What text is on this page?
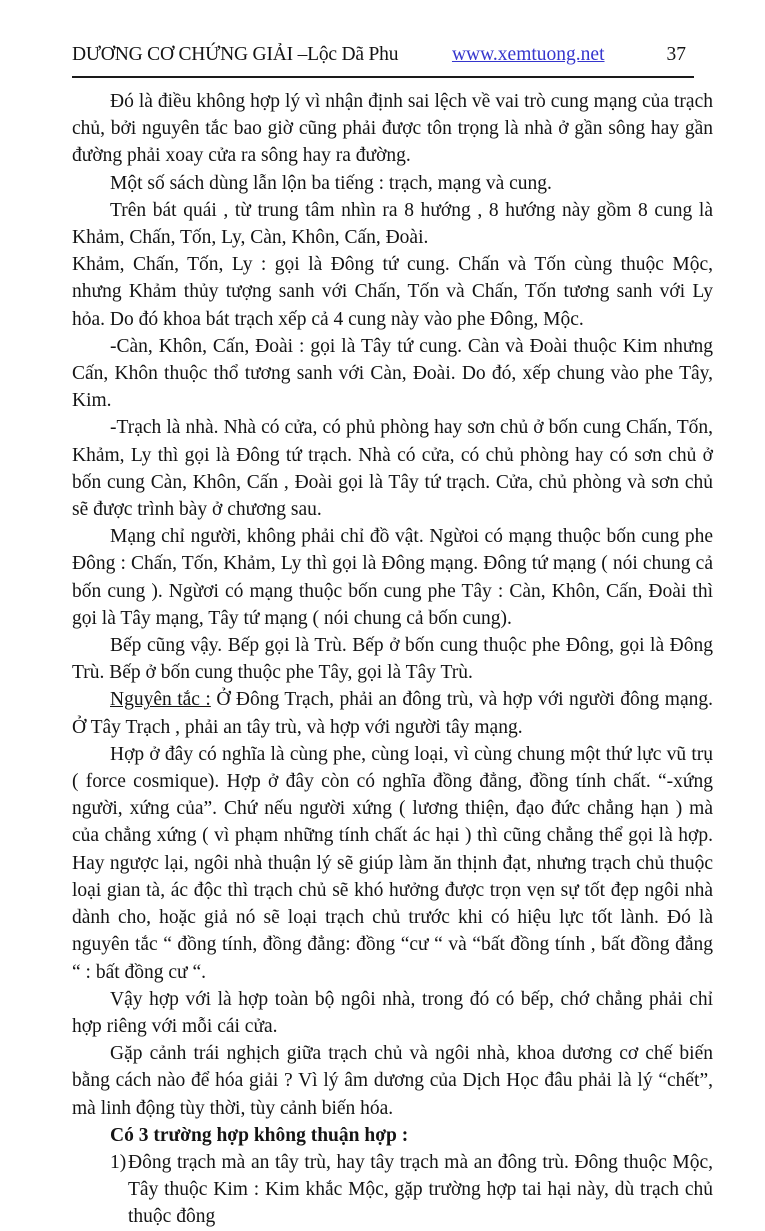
DƯƠNG CƠ CHỨNG GIẢI –Lộc Dã Phu	www.xemtuong.net	37

Đó là điều không hợp lý vì nhận định sai lệch về vai trò cung mạng của trạch chủ, bởi nguyên tắc bao giờ cũng phải được tôn trọng là nhà ở gần sông hay gần đường phải xoay cửa ra sông hay ra đường.

Một số sách dùng lẫn lộn ba tiếng : trạch, mạng và cung.

Trên bát quái , từ trung tâm nhìn ra 8 hướng , 8 hướng này gồm 8 cung là Khảm, Chấn, Tốn, Ly, Càn, Khôn, Cấn, Đoài.

Khảm, Chấn, Tốn, Ly : gọi là Đông tứ cung. Chấn và Tốn cùng thuộc Mộc, nhưng Khảm thủy tượng sanh với Chấn, Tốn và Chấn, Tốn tương sanh với Ly hỏa. Do đó khoa bát trạch xếp cả 4 cung này vào phe Đông, Mộc.

-Càn, Khôn, Cấn, Đoài : gọi là Tây tứ cung. Càn và Đoài thuộc Kim nhưng Cấn, Khôn thuộc thổ tương sanh với Càn, Đoài. Do đó, xếp chung vào phe Tây, Kim.

-Trạch là nhà. Nhà có cửa, có phủ phòng hay sơn chủ ở bốn cung Chấn, Tốn, Khảm, Ly thì gọi là Đông tứ trạch. Nhà có cửa, có chủ phòng hay có sơn chủ ở bốn cung Càn, Khôn, Cấn , Đoài gọi là Tây tứ trạch. Cửa, chủ phòng và sơn chủ sẽ được trình bày ở chương sau.

Mạng chỉ người, không phải chỉ đồ vật. Ngừoi có mạng thuộc bốn cung phe Đông : Chấn, Tốn, Khảm, Ly thì gọi là Đông mạng. Đông tứ mạng ( nói chung cả bốn cung ). Ngừơi có mạng thuộc bốn cung phe Tây : Càn, Khôn, Cấn, Đoài thì gọi là Tây mạng, Tây tứ mạng ( nói chung cả bốn cung).

Bếp cũng vậy. Bếp gọi là Trù. Bếp ở bốn cung thuộc phe Đông, gọi là Đông Trù. Bếp ở bốn cung thuộc phe Tây, gọi là Tây Trù.

Nguyên tắc : Ở Đông Trạch, phải an đông trù, và hợp với người đông mạng. Ở Tây Trạch , phải an tây trù, và hợp với người tây mạng.

Hợp ở đây có nghĩa là cùng phe, cùng loại, vì cùng chung một thứ lực vũ trụ ( force cosmique). Hợp ở đây còn có nghĩa đồng đẳng, đồng tính chất. “-xứng người, xứng của”. Chứ nếu người xứng ( lương thiện, đạo đức chẳng hạn ) mà của chẳng xứng ( vì phạm những tính chất ác hại ) thì cũng chẳng thể gọi là hợp. Hay ngược lại, ngôi nhà thuận lý sẽ giúp làm ăn thịnh đạt, nhưng trạch chủ thuộc loại gian tà, ác độc thì trạch chủ sẽ khó hưởng được trọn vẹn sự tốt đẹp ngôi nhà dành cho, hoặc giả nó sẽ loại trạch chủ trước khi có hiệu lực tốt lành. Đó là nguyên tắc “ đồng tính, đồng đẳng: đồng “cư “ và “bất đồng tính , bất đồng đẳng “ : bất đồng cư “.

Vậy hợp với là hợp toàn bộ ngôi nhà, trong đó có bếp, chớ chẳng phải chỉ hợp riêng với mỗi cái cửa.

Gặp cảnh trái nghịch giữa trạch chủ và ngôi nhà, khoa dương cơ chế biến bằng cách nào để hóa giải ? Vì lý âm dương của Dịch Học đâu phải là lý “chết”, mà linh động tùy thời, tùy cảnh biến hóa.

Có 3 trường hợp không thuận hợp :

1)Đông trạch mà an tây trù, hay tây trạch mà an đông trù. Đông thuộc Mộc, Tây thuộc Kim : Kim khắc Mộc, gặp trường hợp tai hại này, dù trạch chủ thuộc đông
